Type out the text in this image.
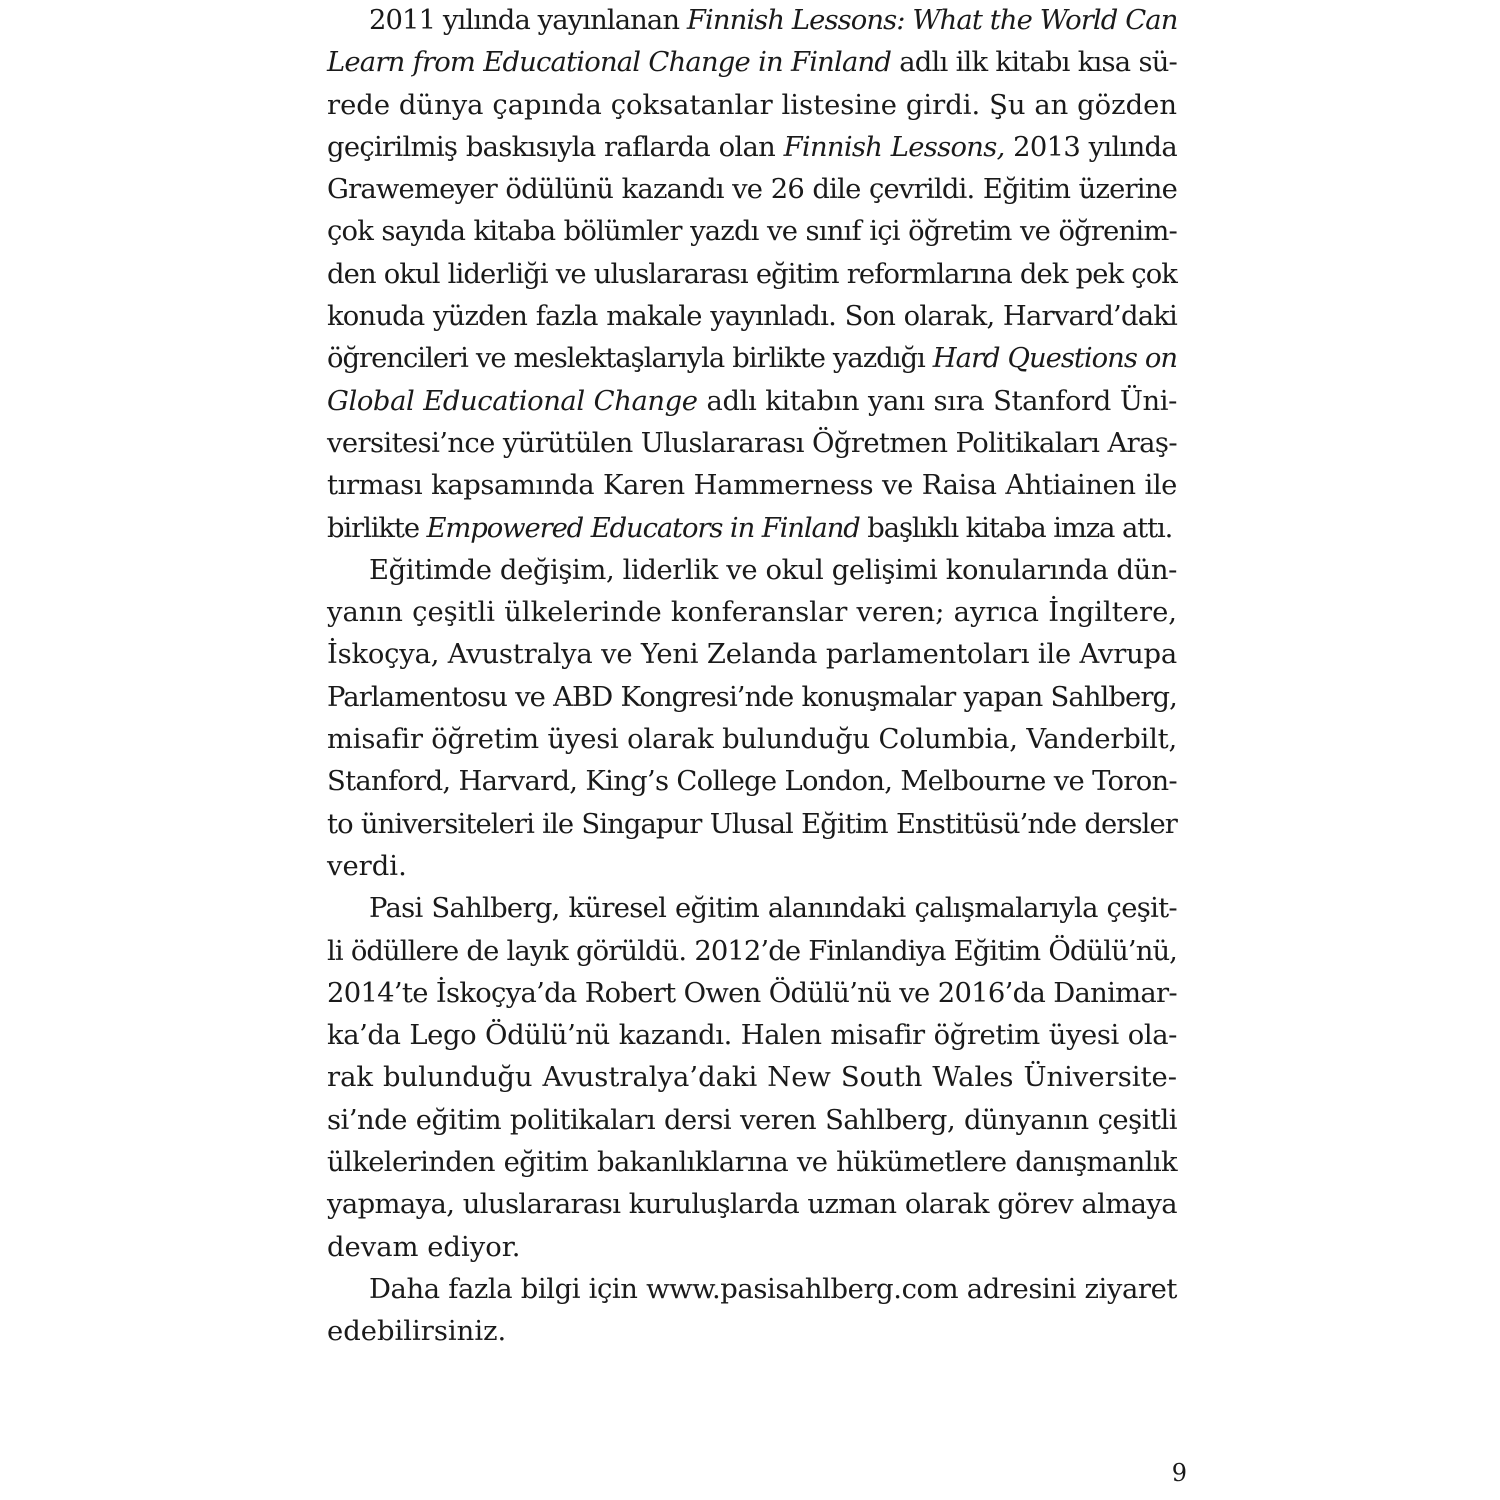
2011 yılında yayınlanan Finnish Lessons: What the World Can
Learn from Educational Change in Finland adlı ilk kitabı kısa sü-
rede dünya çapında çoksatanlar listesine girdi. Şu an gözden
geçirilmiş baskısıyla raflarda olan Finnish Lessons, 2013 yılında
Grawemeyer ödülünü kazandı ve 26 dile çevrildi. Eğitim üzerine
çok sayıda kitaba bölümler yazdı ve sınıf içi öğretim ve öğrenim-
den okul liderliği ve uluslararası eğitim reformlarına dek pek çok
konuda yüzden fazla makale yayınladı. Son olarak, Harvard’daki
öğrencileri ve meslektaşlarıyla birlikte yazdığı Hard Questions on
Global Educational Change adlı kitabın yanı sıra Stanford Üni-
versitesi’nce yürütülen Uluslararası Öğretmen Politikaları Araş-
tırması kapsamında Karen Hammerness ve Raisa Ahtiainen ile
birlikte Empowered Educators in Finland başlıklı kitaba imza attı.
Eğitimde değişim, liderlik ve okul gelişimi konularında dün-
yanın çeşitli ülkelerinde konferanslar veren; ayrıca İngiltere,
İskoçya, Avustralya ve Yeni Zelanda parlamentoları ile Avrupa
Parlamentosu ve ABD Kongresi’nde konuşmalar yapan Sahlberg,
misafir öğretim üyesi olarak bulunduğu Columbia, Vanderbilt,
Stanford, Harvard, King’s College London, Melbourne ve Toron-
to üniversiteleri ile Singapur Ulusal Eğitim Enstitüsü’nde dersler
verdi.
Pasi Sahlberg, küresel eğitim alanındaki çalışmalarıyla çeşit-
li ödüllere de layık görüldü. 2012’de Finlandiya Eğitim Ödülü’nü,
2014’te İskoçya’da Robert Owen Ödülü’nü ve 2016’da Danimar-
ka’da Lego Ödülü’nü kazandı. Halen misafir öğretim üyesi ola-
rak bulunduğu Avustralya’daki New South Wales Üniversite-
si’nde eğitim politikaları dersi veren Sahlberg, dünyanın çeşitli
ülkelerinden eğitim bakanlıklarına ve hükümetlere danışmanlık
yapmaya, uluslararası kuruluşlarda uzman olarak görev almaya
devam ediyor.
Daha fazla bilgi için www.pasisahlberg.com adresini ziyaret
edebilirsiniz.
9
